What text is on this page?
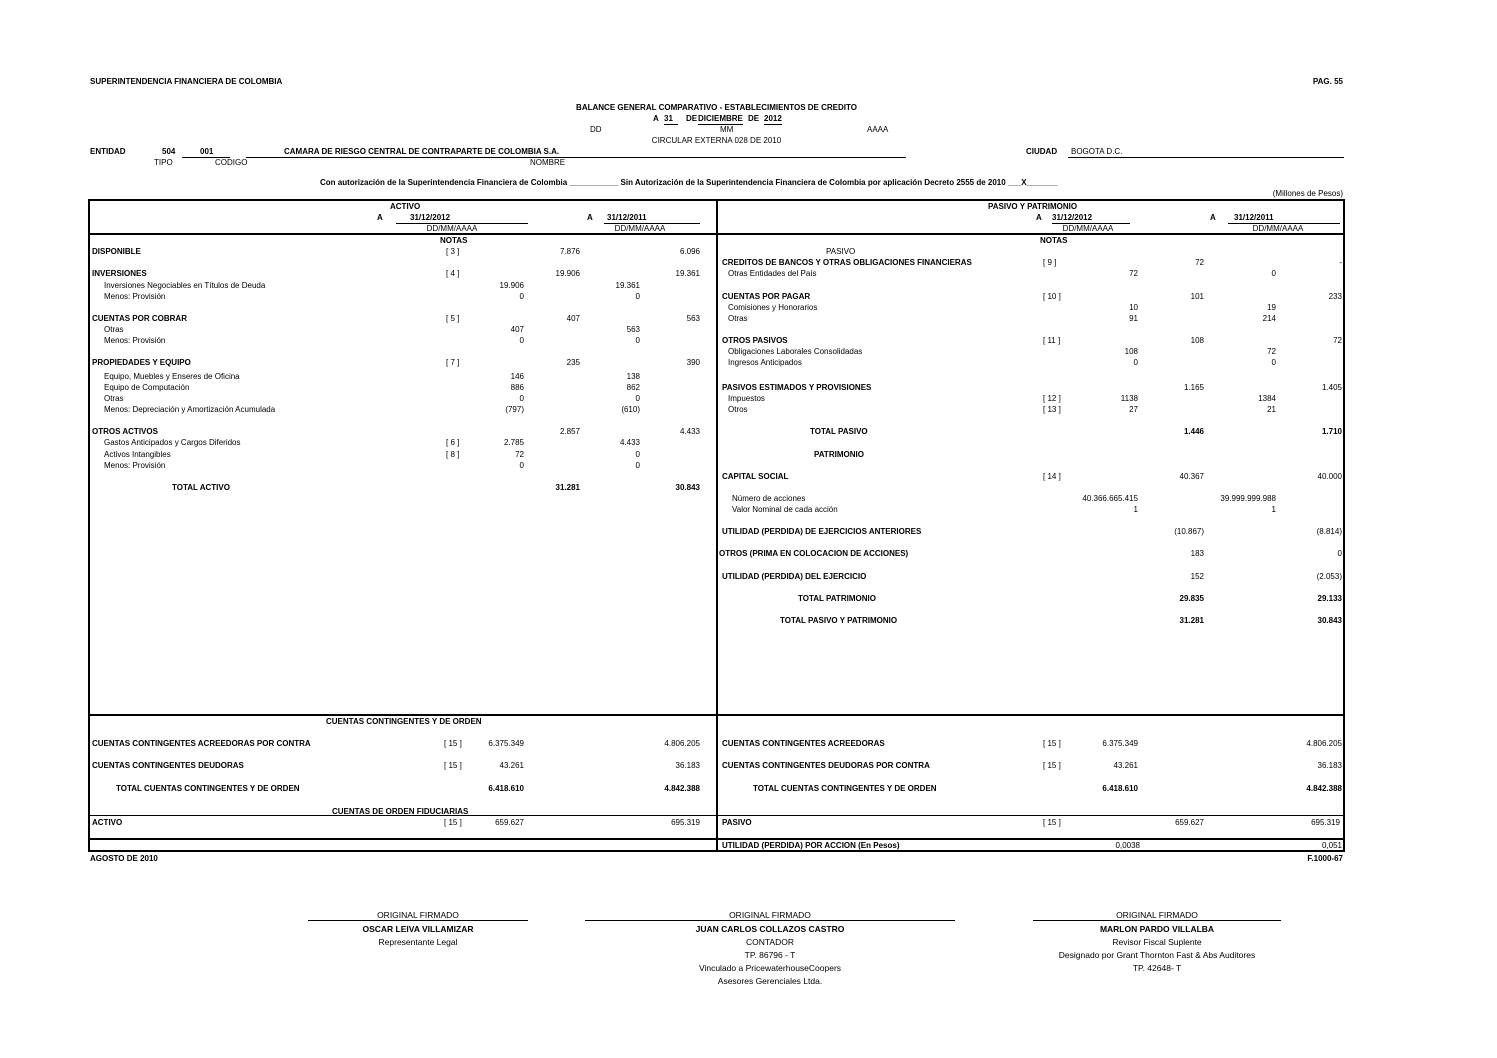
SUPERINTENDENCIA FINANCIERA DE COLOMBIA	PAG. 55
BALANCE GENERAL COMPARATIVO - ESTABLECIMIENTOS DE CREDITO
A 31	DE DICIEMBRE DE 2012
DD	MM	AAAA
CIRCULAR EXTERNA 028 DE 2010
ENTIDAD	504	001	CAMARA DE RIESGO CENTRAL DE CONTRAPARTE DE COLOMBIA S.A.
TIPO	CODIGO	NOMBRE
CIUDAD	BOGOTA D.C.
Con autorización de la Superintendencia Financiera de Colombia ___________ Sin Autorización de la Superintendencia Financiera de Colombia por aplicación Decreto 2555 de 2010 ___X_______
(Millones de Pesos)
ACTIVO
A	31/12/2012	A	31/12/2011
DD/MM/AAAA	DD/MM/AAAA
NOTAS
DISPONIBLE	[ 3 ]	7.876	6.096
INVERSIONES	[ 4 ]	19.906	19.361
Inversiones Negociables en Títulos de Deuda	19.906	19.361
Menos: Provisión	0	0
CUENTAS POR COBRAR	[ 5 ]	407	563
Otras	407	563
Menos: Provisión	0	0
PROPIEDADES Y EQUIPO	[ 7 ]	235	390
Equipo, Muebles y Enseres de Oficina	146	138
Equipo de Computación	886	862
Otras	0	0
Menos: Depreciación y Amortización Acumulada	(797)	(610)
OTROS ACTIVOS	2.857	4.433
Gastos Anticipados y Cargos Diferidos	[ 6 ]	2.785	4.433
Activos Intangibles	[ 8 ]	72	0
Menos: Provisión	0	0
TOTAL ACTIVO	31.281	30.843
PASIVO Y PATRIMONIO
A 31/12/2012	A	31/12/2011
DD/MM/AAAA	DD/MM/AAAA
NOTAS
PASIVO
CREDITOS DE BANCOS Y OTRAS OBLIGACIONES FINANCIERAS	[ 9 ]	72	-
Otras Entidades del País	72	0
CUENTAS POR PAGAR	[ 10 ]	101	233
Comisiones y Honorarios	10	19
Otras	91	214
OTROS PASIVOS	[ 11 ]	108	72
Obligaciones Laborales Consolidadas	108	72
Ingresos Anticipados	0	0
PASIVOS ESTIMADOS Y PROVISIONES	1.165	1.405
Impuestos	[ 12 ]	1138	1384
Otros	[ 13 ]	27	21
TOTAL PASIVO	1.446	1.710
PATRIMONIO
CAPITAL SOCIAL	[ 14 ]	40.367	40.000
Número de acciones	40.366.665.415	39.999.999.988
Valor Nominal de cada acción	1	1
UTILIDAD (PERDIDA) DE EJERCICIOS ANTERIORES	(10.867)	(8.814)
OTROS (PRIMA EN COLOCACION DE ACCIONES)	183	0
UTILIDAD (PERDIDA) DEL EJERCICIO	152	(2.053)
TOTAL PATRIMONIO	29.835	29.133
TOTAL PASIVO Y PATRIMONIO	31.281	30.843
CUENTAS CONTINGENTES Y DE ORDEN
CUENTAS CONTINGENTES ACREEDORAS POR CONTRA	[ 15 ]	6.375.349	4.806.205
CUENTAS CONTINGENTES DEUDORAS	[ 15 ]	43.261	36.183
TOTAL CUENTAS CONTINGENTES Y DE ORDEN	6.418.610	4.842.388
CUENTAS CONTINGENTES ACREEDORAS	[ 15 ]	6.375.349	4.806.205
CUENTAS CONTINGENTES DEUDORAS POR CONTRA	[ 15 ]	43.261	36.183
TOTAL CUENTAS CONTINGENTES Y DE ORDEN	6.418.610	4.842.388
CUENTAS DE ORDEN FIDUCIARIAS
ACTIVO	[ 15 ]	659.627	695.319	PASIVO	[ 15 ]	659.627	695.319
UTILIDAD (PERDIDA) POR ACCION (En Pesos)	0,0038	0,051
AGOSTO DE 2010	F.1000-67
ORIGINAL FIRMADO
OSCAR LEIVA VILLAMIZAR
Representante Legal
ORIGINAL FIRMADO
JUAN CARLOS COLLAZOS CASTRO
CONTADOR
TP. 86796 - T
Vinculado a PricewaterhouseCoopers
Asesores Gerenciales Ltda.
ORIGINAL FIRMADO
MARLON PARDO VILLALBA
Revisor Fiscal Suplente
Designado por Grant Thornton Fast & Abs Auditores
TP. 42648- T
